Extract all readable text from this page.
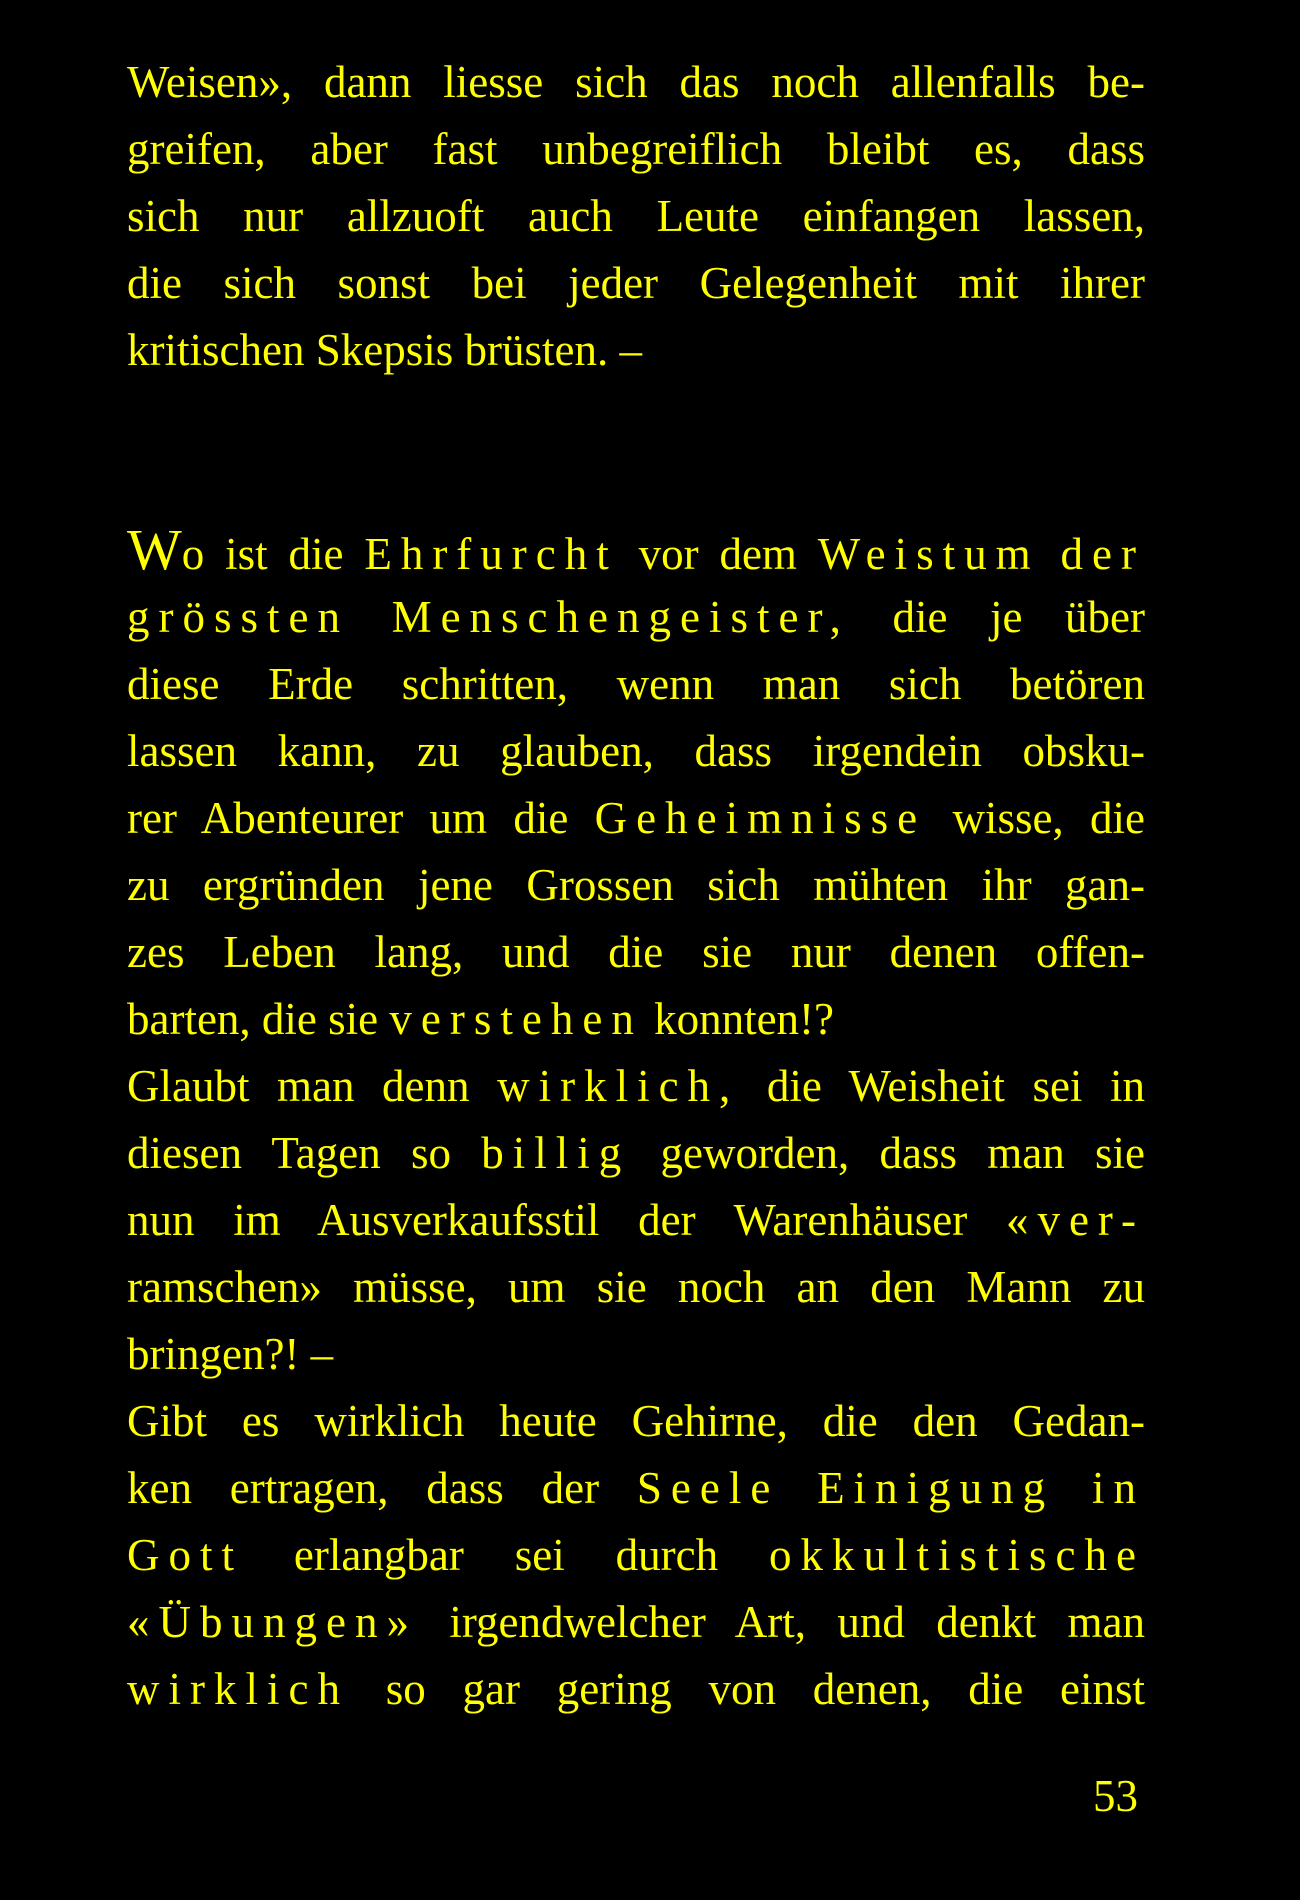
Weisen», dann liesse sich das noch allenfalls be-
greifen, aber fast unbegreiflich bleibt es, dass
sich nur allzuoft auch Leute einfangen lassen,
die sich sonst bei jeder Gelegenheit mit ihrer
kritischen Skepsis brüsten. –
Wo ist die Ehrfurcht vor dem Weistum der
grössten Menschengeister, die je über
diese Erde schritten, wenn man sich betören
lassen kann, zu glauben, dass irgendein obsku-
rer Abenteurer um die Geheimnisse wisse, die
zu ergründen jene Grossen sich mühten ihr gan-
zes Leben lang, und die sie nur denen offen-
barten, die sie verstehen konnten!?
Glaubt man denn wirklich, die Weisheit sei in
diesen Tagen so billig geworden, dass man sie
nun im Ausverkaufsstil der Warenhäuser «ver-
ramschen» müsse, um sie noch an den Mann zu
bringen?! –
Gibt es wirklich heute Gehirne, die den Gedan-
ken ertragen, dass der Seele Einigung in
Gott erlangbar sei durch okkultistische
«Übungen» irgendwelcher Art, und denkt man
wirklich so gar gering von denen, die einst
53
